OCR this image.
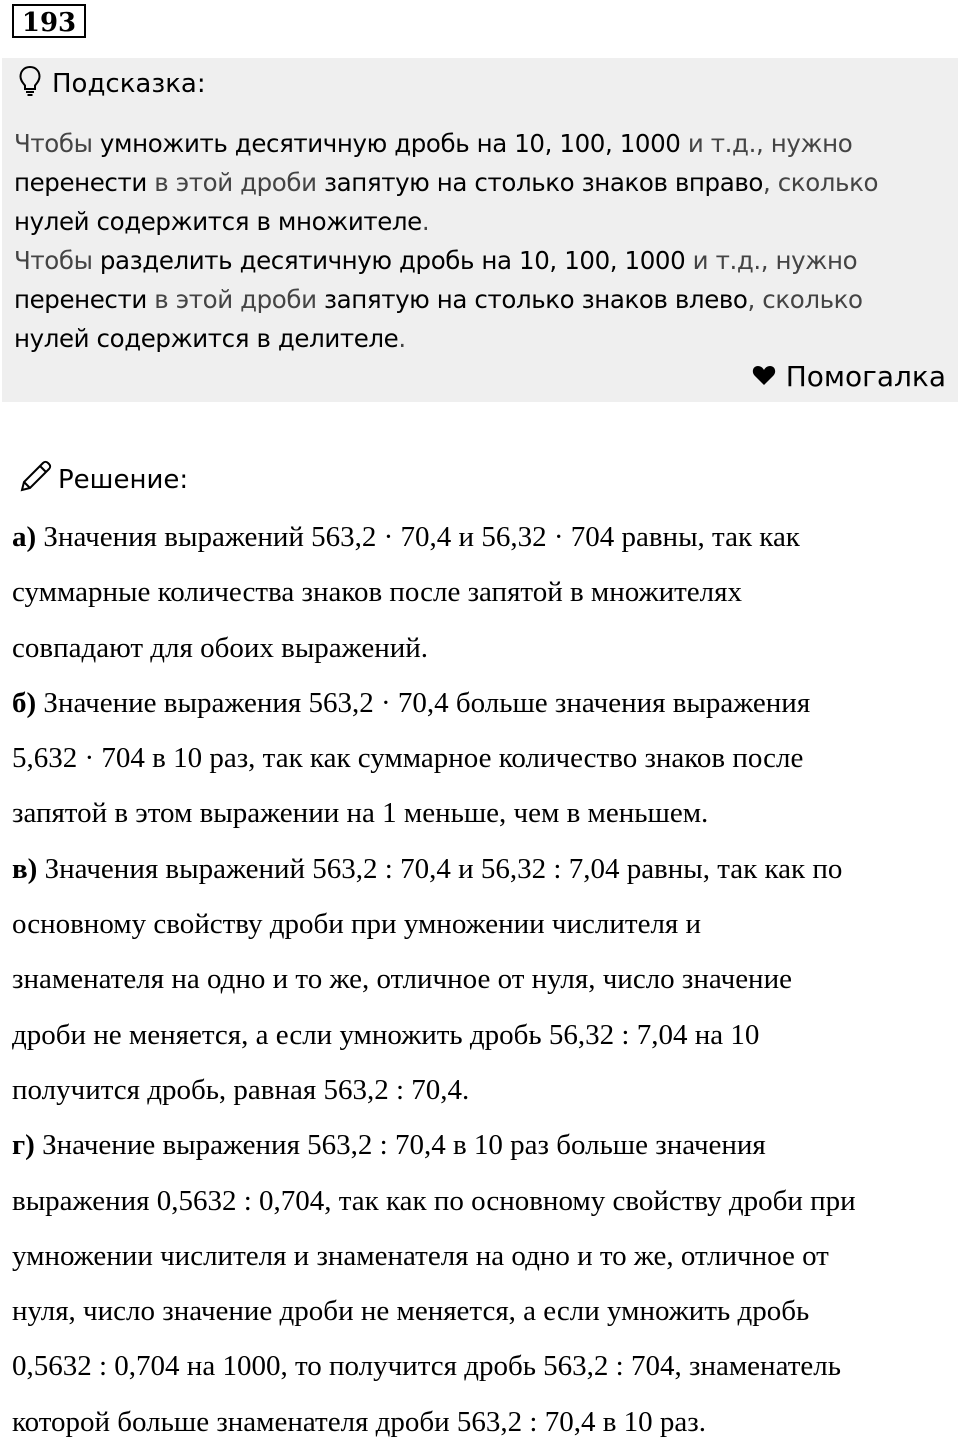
193
Подсказка:

Чтобы умножить десятичную дробь на 10, 100, 1000 и т.д., нужно

перенести в этой дроби запятую на столько знаков вправо, сколько

нулей содержится в множителе.

Чтобы разделить десятичную дробь на 10, 100, 1000 и т.д., нужно

перенести в этой дроби запятую на столько знаков влево, сколько

нулей содержится в делителе.

Помогалка
Решение:
а) Значения выражений 563,2 · 70,4 и 56,32 · 704 равны, так как
суммарные количества знаков после запятой в множителях
совпадают для обоих выражений.
б) Значение выражения 563,2 · 70,4 больше значения выражения
5,632 · 704 в 10 раз, так как суммарное количество знаков после
запятой в этом выражении на 1 меньше, чем в меньшем.
в) Значения выражений 563,2 : 70,4 и 56,32 : 7,04 равны, так как по
основному свойству дроби при умножении числителя и
знаменателя на одно и то же, отличное от нуля, число значение
дроби не меняется, а если умножить дробь 56,32 : 7,04 на 10
получится дробь, равная 563,2 : 70,4.
г) Значение выражения 563,2 : 70,4 в 10 раз больше значения
выражения 0,5632 : 0,704, так как по основному свойству дроби при
умножении числителя и знаменателя на одно и то же, отличное от
нуля, число значение дроби не меняется, а если умножить дробь
0,5632 : 0,704 на 1000, то получится дробь 563,2 : 704, знаменатель
которой больше знаменателя дроби 563,2 : 70,4 в 10 раз.
